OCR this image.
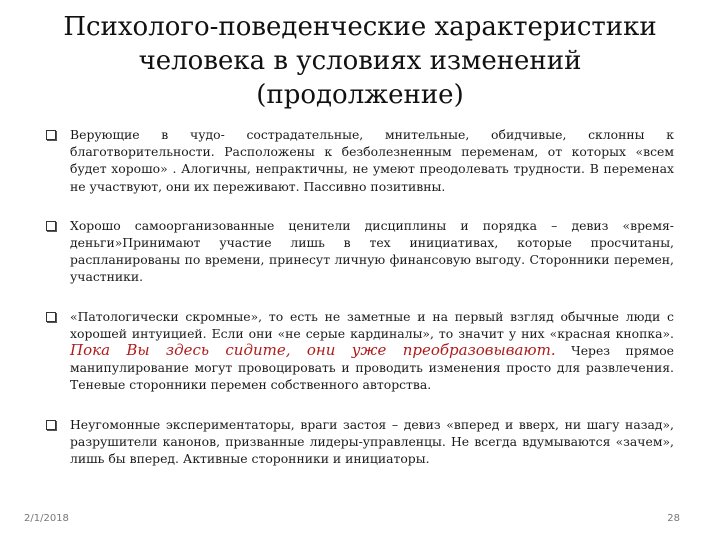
Психолого-поведенческие характеристики человека в условиях изменений (продолжение)
Верующие в чудо- сострадательные, мнительные, обидчивые, склонны к благотворительности. Расположены к безболезненным переменам, от которых «всем будет хорошо» . Алогичны, непрактичны, не умеют преодолевать трудности. В переменах не участвуют, они их переживают. Пассивно позитивны.
Хорошо самоорганизованные ценители дисциплины и порядка – девиз «время-деньги»Принимают участие лишь в тех инициативах, которые просчитаны, распланированы по времени, принесут личную финансовую выгоду. Сторонники перемен, участники.
«Патологически скромные», то есть не заметные и на первый взгляд обычные люди с хорошей интуицией. Если они «не серые кардиналы», то значит у них «красная кнопка». Пока Вы здесь сидите, они уже преобразовывают. Через прямое манипулирование могут провоцировать и проводить изменения просто для развлечения. Теневые сторонники перемен собственного авторства.
Неугомонные экспериментаторы, враги застоя – девиз «вперед и вверх, ни шагу назад», разрушители канонов, призванные лидеры-управленцы. Не всегда вдумываются «зачем», лишь бы вперед. Активные сторонники и инициаторы.
2/1/2018	28
